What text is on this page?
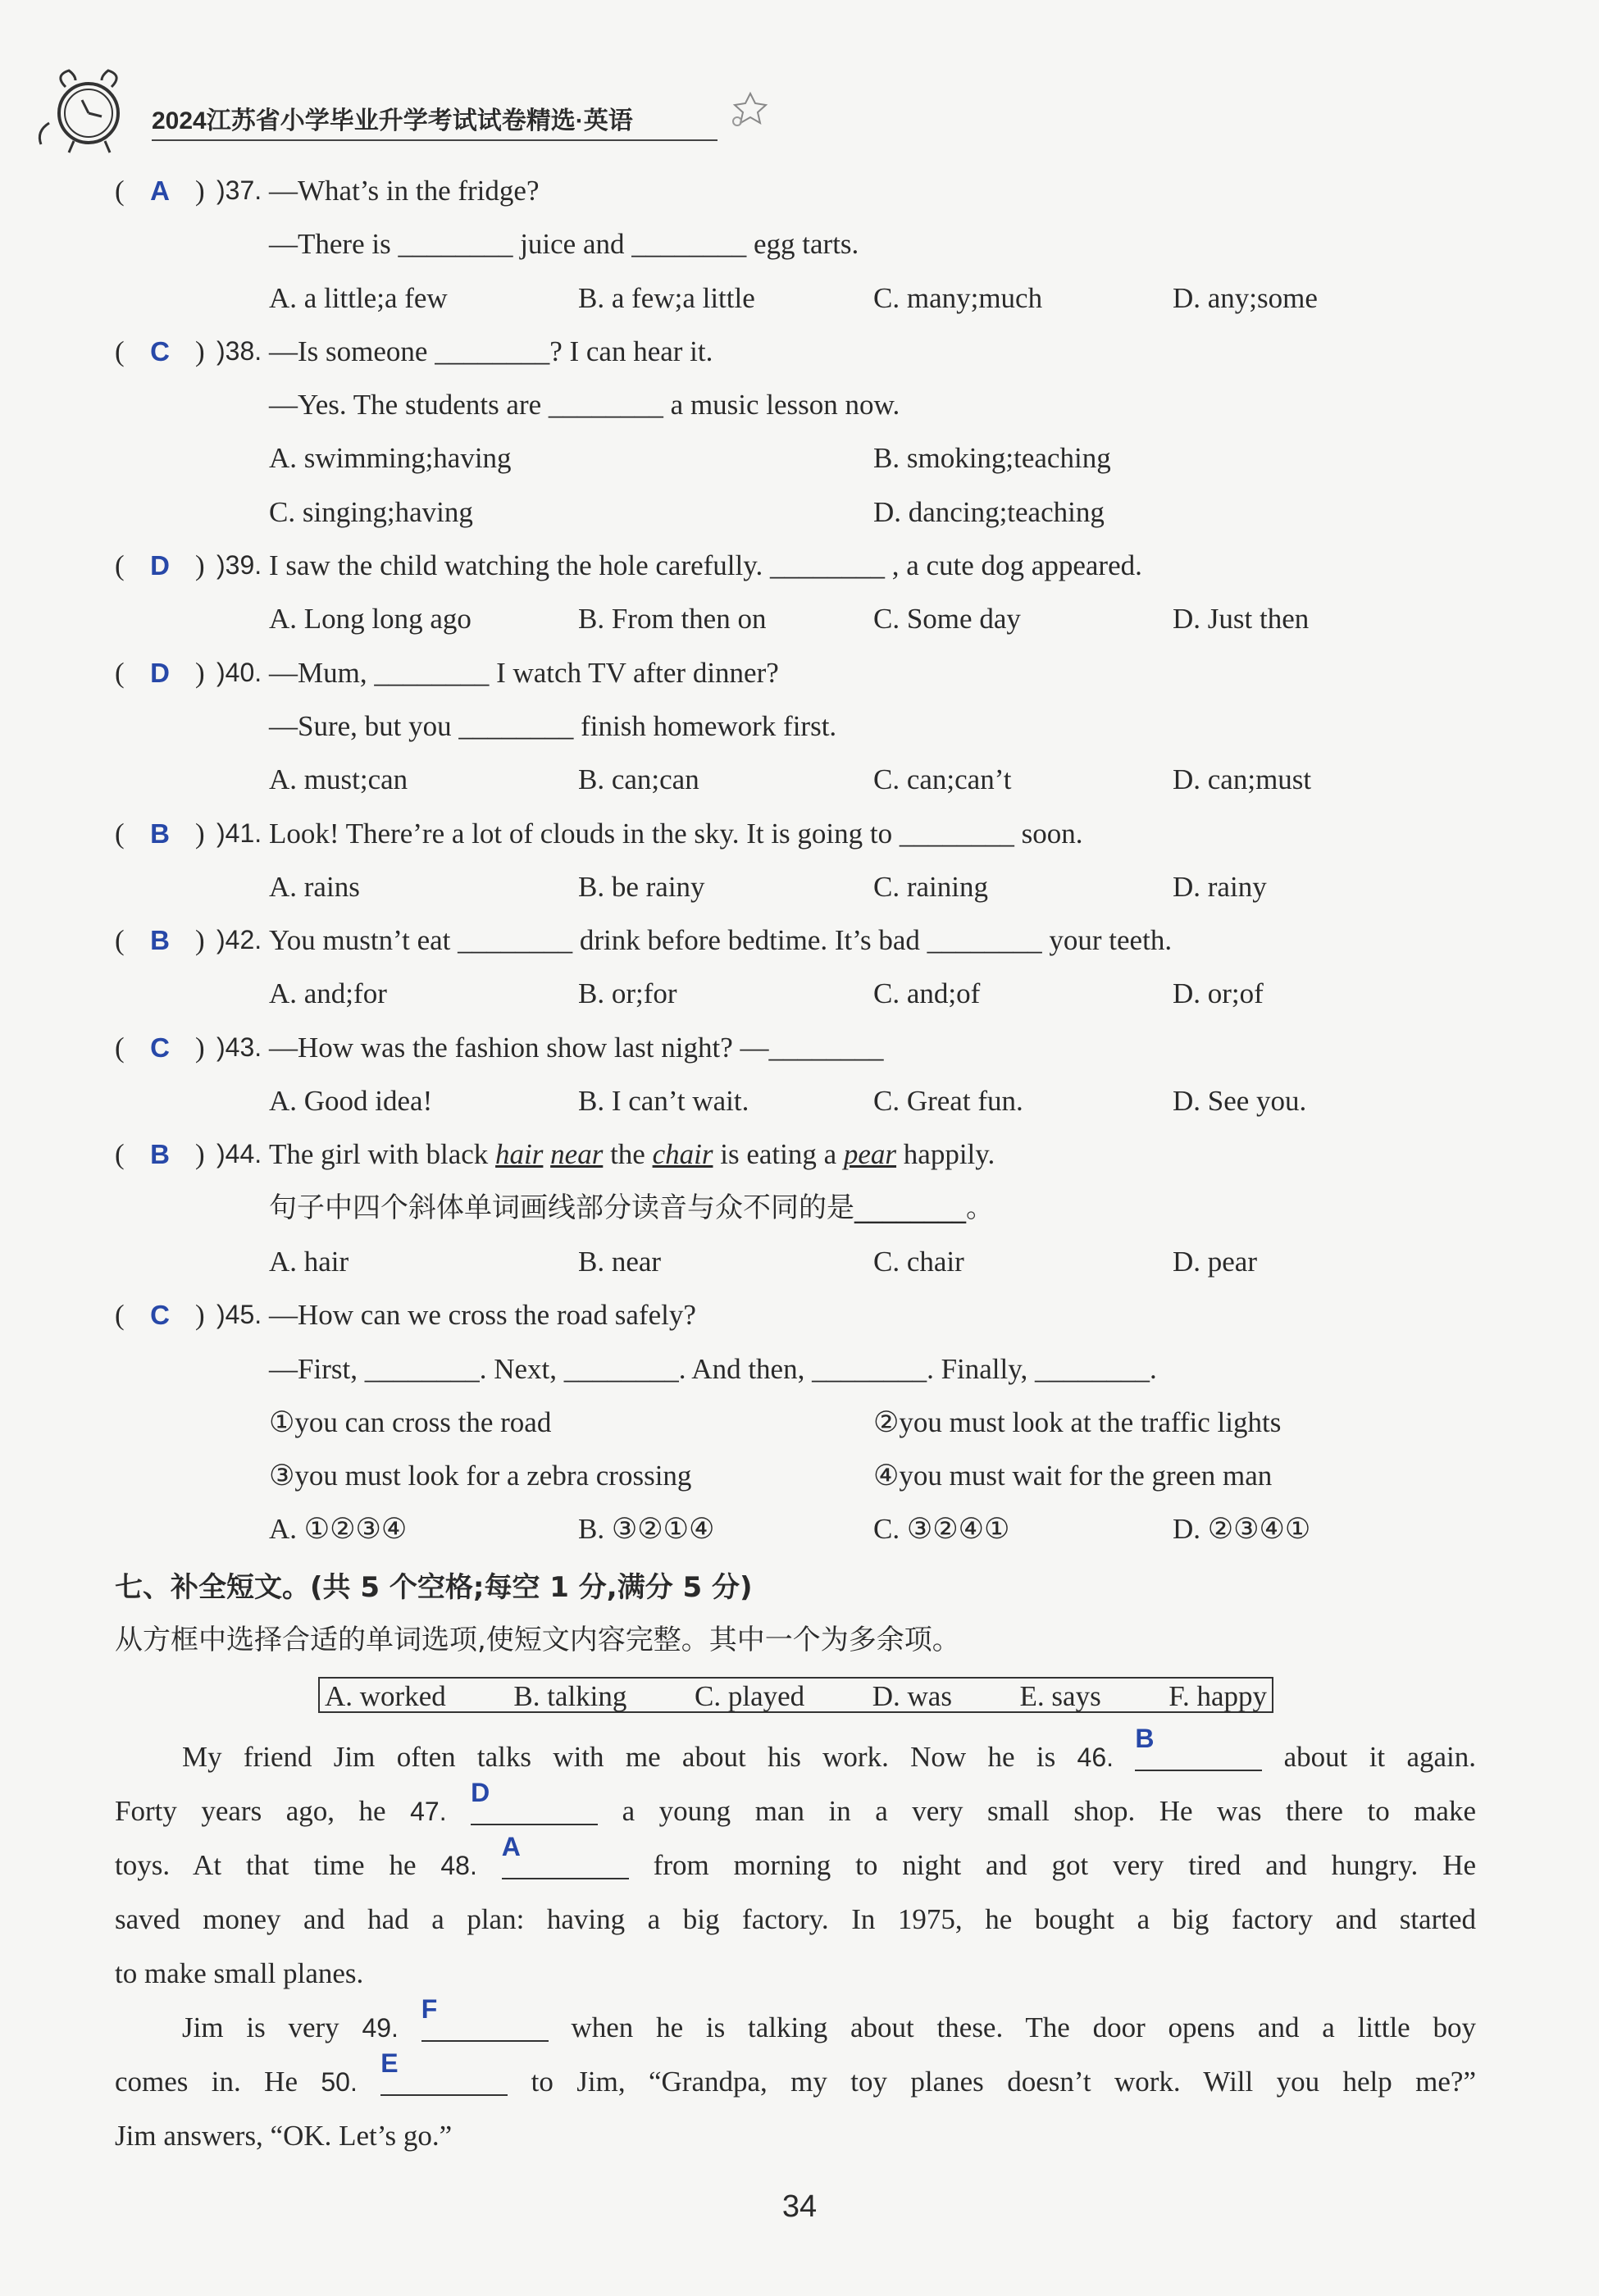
2024江苏省小学毕业升学考试试卷精选·英语
( A ) )37. —What’s in the fridge?
—There is ________ juice and ________ egg tarts.
A. a little;a few	B. a few;a little	C. many;much	D. any;some
( C ) )38. —Is someone ________? I can hear it.
—Yes. The students are ________ a music lesson now.
A. swimming;having	B. smoking;teaching
C. singing;having	D. dancing;teaching
( D ) )39. I saw the child watching the hole carefully. ________ , a cute dog appeared.
A. Long long ago	B. From then on	C. Some day	D. Just then
( D ) )40. —Mum, ________ I watch TV after dinner?
—Sure, but you ________ finish homework first.
A. must;can	B. can;can	C. can;can’t	D. can;must
( B ) )41. Look! There’re a lot of clouds in the sky. It is going to ________ soon.
A. rains	B. be rainy	C. raining	D. rainy
( B ) )42. You mustn’t eat ________ drink before bedtime. It’s bad ________ your teeth.
A. and;for	B. or;for	C. and;of	D. or;of
( C ) )43. —How was the fashion show last night? —________
A. Good idea!	B. I can’t wait.	C. Great fun.	D. See you.
( B ) )44. The girl with black hair near the chair is eating a pear happily.
句子中四个斜体单词画线部分读音与众不同的是________。
A. hair	B. near	C. chair	D. pear
( C ) )45. —How can we cross the road safely?
—First, ________. Next, ________. And then, ________. Finally, ________.
①you can cross the road	②you must look at the traffic lights
③you must look for a zebra crossing	④you must wait for the green man
A. ①②③④	B. ③②①④	C. ③②④①	D. ②③④①
七、补全短文。(共 5 个空格;每空 1 分,满分 5 分)
从方框中选择合适的单词选项,使短文内容完整。其中一个为多余项。
A. worked B. talking C. played D. was E. says F. happy
My friend Jim often talks with me about his work. Now he is 46.
B
about it again.
Forty years ago, he 47.
D
a young man in a very small shop. He was there to make
toys. At that time he 48.
A
from morning to night and got very tired and hungry. He
saved money and had a plan: having a big factory. In 1975, he bought a big factory and started
to make small planes.
Jim is very 49.
F
when he is talking about these. The door opens and a little boy
comes in. He 50.
E
to Jim, “Grandpa, my toy planes doesn’t work. Will you help me?”
Jim answers, “OK. Let’s go.”
34
